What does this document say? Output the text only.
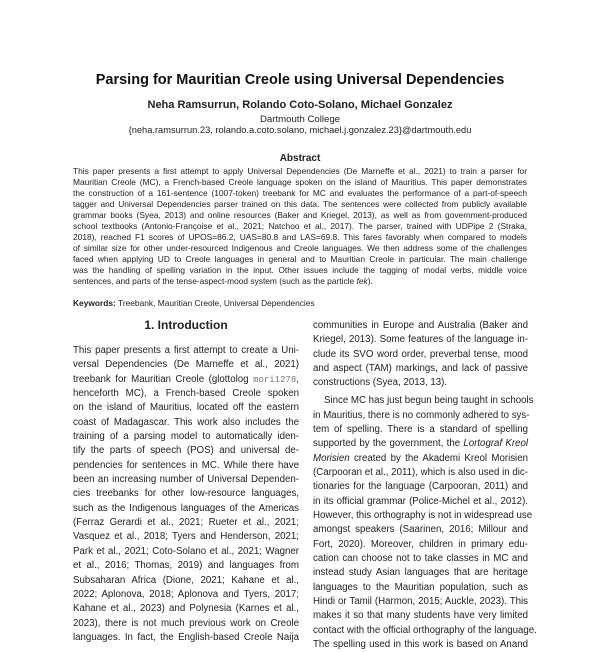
Parsing for Mauritian Creole using Universal Dependencies
Neha Ramsurrun, Rolando Coto-Solano, Michael Gonzalez
Dartmouth College
{neha.ramsurrun.23, rolando.a.coto.solano, michael.j.gonzalez.23}@dartmouth.edu
Abstract
This paper presents a first attempt to apply Universal Dependencies (De Marneffe et al., 2021) to train a parser for
Mauritian Creole (MC), a French-based Creole language spoken on the island of Mauritius. This paper demonstrates
the construction of a 161-sentence (1007-token) treebank for MC and evaluates the performance of a part-of-speech
tagger and Universal Dependencies parser trained on this data. The sentences were collected from publicly available
grammar books (Syea, 2013) and online resources (Baker and Kriegel, 2013), as well as from government-produced
school textbooks (Antonio-Françoise et al., 2021; Natchoo et al., 2017). The parser, trained with UDPipe 2 (Straka,
2018), reached F1 scores of UPOS=86.2, UAS=80.8 and LAS=69.8. This fares favorably when compared to models
of similar size for other under-resourced Indigenous and Creole languages. We then address some of the challenges
faced when applying UD to Creole languages in general and to Mauritian Creole in particular. The main challenge
was the handling of spelling variation in the input. Other issues include the tagging of modal verbs, middle voice
sentences, and parts of the tense-aspect-mood system (such as the particle fek).
Keywords: Treebank, Mauritian Creole, Universal Dependencies
1. Introduction
This paper presents a first attempt to create a Uni-
versal Dependencies (De Marneffe et al., 2021)
treebank for Mauritian Creole (glottolog mori1278,
henceforth MC), a French-based Creole spoken
on the island of Mauritius, located off the eastern
coast of Madagascar. This work also includes the
training of a parsing model to automatically iden-
tify the parts of speech (POS) and universal de-
pendencies for sentences in MC. While there have
been an increasing number of Universal Dependen-
cies treebanks for other low-resource languages,
such as the Indigenous languages of the Americas
(Ferraz Gerardi et al., 2021; Rueter et al., 2021;
Vasquez et al., 2018; Tyers and Henderson, 2021;
Park et al., 2021; Coto-Solano et al., 2021; Wagner
et al., 2016; Thomas, 2019) and languages from
Subsaharan Africa (Dione, 2021; Kahane et al.,
2022; Aplonova, 2018; Aplonova and Tyers, 2017;
Kahane et al., 2023) and Polynesia (Karnes et al.,
2023), there is not much previous work on Creole
languages. In fact, the English-based Creole Naija
communities in Europe and Australia (Baker and
Kriegel, 2013). Some features of the language in-
clude its SVO word order, preverbal tense, mood
and aspect (TAM) markings, and lack of passive
constructions (Syea, 2013, 13).
Since MC has just begun being taught in schools
in Mauritius, there is no commonly adhered to sys-
tem of spelling. There is a standard of spelling
supported by the government, the Lortograf Kreol
Morisien created by the Akademi Kreol Morisien
(Carpooran et al., 2011), which is also used in dic-
tionaries for the language (Carpooran, 2011) and
in its official grammar (Police-Michel et al., 2012).
However, this orthography is not in widespread use
amongst speakers (Saarinen, 2016; Millour and
Fort, 2020). Moreover, children in primary edu-
cation can choose not to take classes in MC and
instead study Asian languages that are heritage
languages to the Mauritian population, such as
Hindi or Tamil (Harmon, 2015; Auckle, 2023). This
makes it so that many students have very limited
contact with the official orthography of the language.
The spelling used in this work is based on Anand
